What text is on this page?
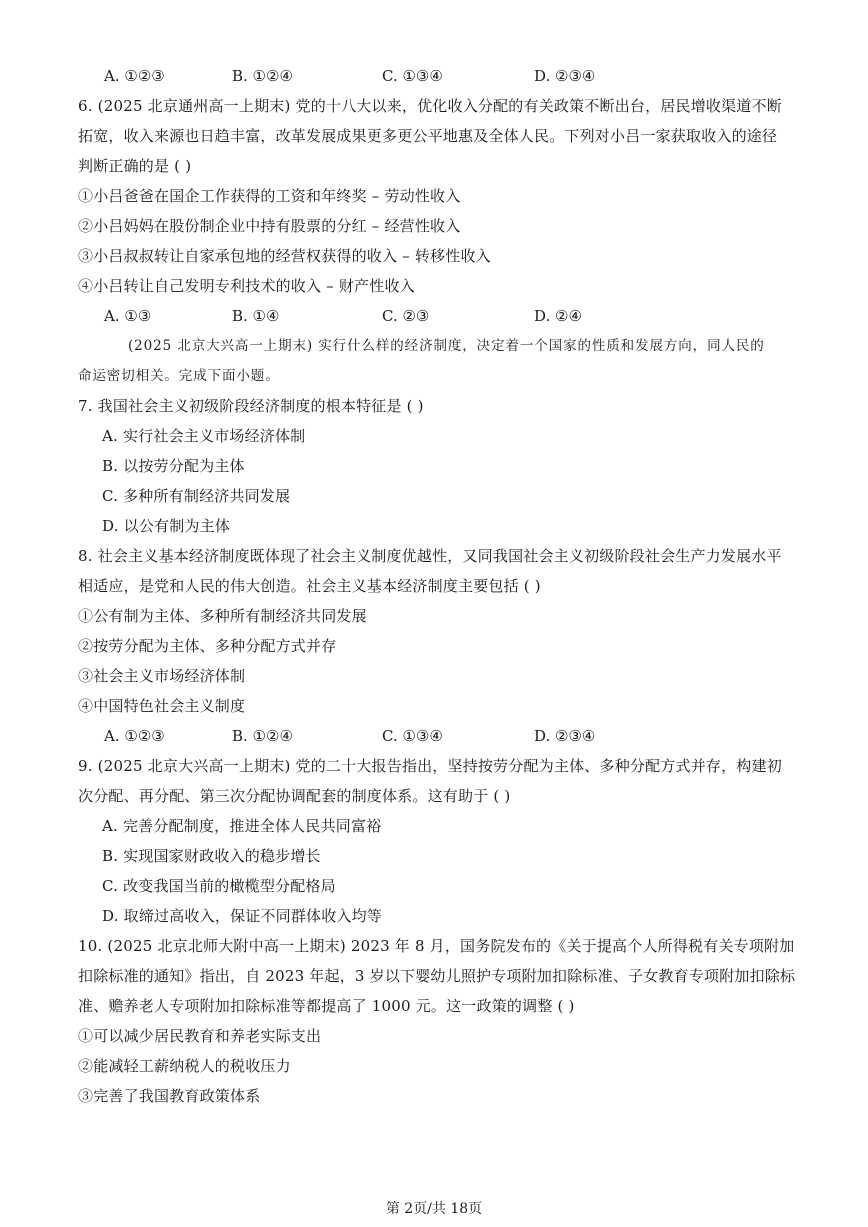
A. ①②③	B. ①②④	C. ①③④	D. ②③④
6. (2025 北京通州高一上期末) 党的十八大以来，优化收入分配的有关政策不断出台，居民增收渠道不断
拓宽，收入来源也日趋丰富，改革发展成果更多更公平地惠及全体人民。下列对小吕一家获取收入的途径
判断正确的是 ( )
①小吕爸爸在国企工作获得的工资和年终奖 – 劳动性收入
②小吕妈妈在股份制企业中持有股票的分红 – 经营性收入
③小吕叔叔转让自家承包地的经营权获得的收入 – 转移性收入
④小吕转让自己发明专利技术的收入 – 财产性收入
A. ①③	B. ①④	C. ②③	D. ②④
(2025 北京大兴高一上期末) 实行什么样的经济制度，决定着一个国家的性质和发展方向，同人民的
命运密切相关。完成下面小题。
7. 我国社会主义初级阶段经济制度的根本特征是 ( )
A. 实行社会主义市场经济体制
B. 以按劳分配为主体
C. 多种所有制经济共同发展
D. 以公有制为主体
8. 社会主义基本经济制度既体现了社会主义制度优越性，又同我国社会主义初级阶段社会生产力发展水平
相适应，是党和人民的伟大创造。社会主义基本经济制度主要包括 ( )
①公有制为主体、多种所有制经济共同发展
②按劳分配为主体、多种分配方式并存
③社会主义市场经济体制
④中国特色社会主义制度
A. ①②③	B. ①②④	C. ①③④	D. ②③④
9. (2025 北京大兴高一上期末) 党的二十大报告指出，坚持按劳分配为主体、多种分配方式并存，构建初
次分配、再分配、第三次分配协调配套的制度体系。这有助于 ( )
A. 完善分配制度，推进全体人民共同富裕
B. 实现国家财政收入的稳步增长
C. 改变我国当前的橄榄型分配格局
D. 取缔过高收入，保证不同群体收入均等
10. (2025 北京北师大附中高一上期末) 2023 年 8 月，国务院发布的《关于提高个人所得税有关专项附加
扣除标准的通知》指出，自 2023 年起，3 岁以下婴幼儿照护专项附加扣除标准、子女教育专项附加扣除标
准、赡养老人专项附加扣除标准等都提高了 1000 元。这一政策的调整 ( )
①可以减少居民教育和养老实际支出
②能减轻工薪纳税人的税收压力
③完善了我国教育政策体系
第 2页/共 18页
